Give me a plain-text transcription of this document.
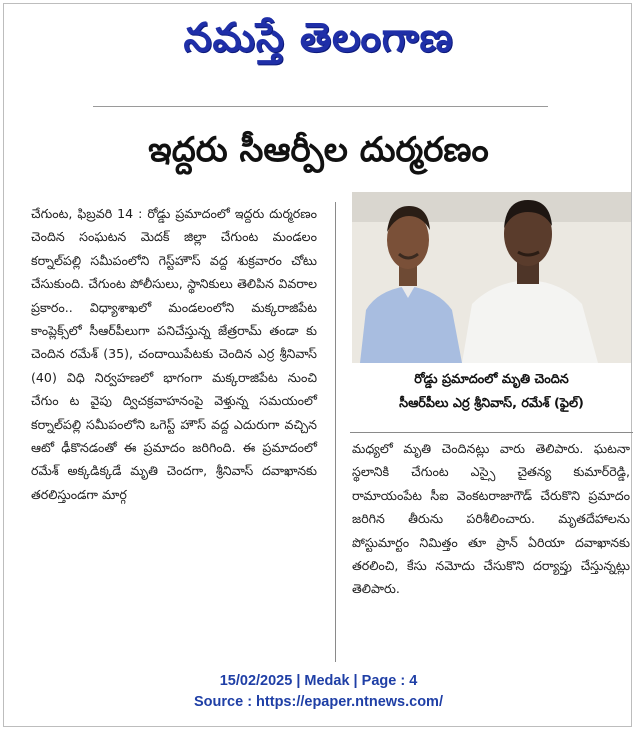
నమస్తే తెలంగాణ
ఇద్దరు సీఆర్పీల దుర్మరణం

చేగుంట, ఫిబ్రవరి 14 : రోడ్డు ప్రమాదంలో ఇద్దరు దుర్మరణం చెందిన సంఘటన మెదక్ జిల్లా చేగుంట మండలం కర్నాల్‌పల్లి సమీపంలోని గెస్ట్‌హౌస్ వద్ద శుక్రవారం చోటు చేసుకుంది. చేగుంట పోలీసులు, స్థానికులు తెలిపిన వివరాల ప్రకారం.. విధ్యాశాఖలో మండలంలోని మక్కరాజిపేట కాంప్లెక్స్‌లో సీఆర్‌పీలుగా పనిచేస్తున్న జేత్రరామ్ తండా కు చెందిన రమేశ్ (35), చందాయిపేటకు చెందిన ఎర్ర శ్రీనివాస్ (40) విధి నిర్వహణలో భాగంగా మక్కరాజిపేట నుంచి చేగుం ట వైపు ద్విచక్రవాహనంపై వెళ్తున్న సమయంలో కర్నాల్‌పల్లి సమీపంలోని ఒగెస్ట్ హౌస్ వద్ద ఎదురుగా వచ్చిన ఆటో ఢీకొనడంతో ఈ ప్రమాదం జరిగింది. ఈ ప్రమాదంలో రమేశ్ అక్కడిక్కడే మృతి చెందగా, శ్రీనివాస్ దవాఖానకు తరలిస్తుండగా మార్గ

రోడ్డు ప్రమాదంలో మృతి చెందిన
సీఆర్‌పీలు ఎర్ర శ్రీనివాస్, రమేశ్ (ఫైల్)

మధ్యలో మృతి చెందినట్లు వారు తెలిపారు. ఘటనా స్థలానికి చేగుంట ఎస్సై చైతన్య కుమార్‌రెడ్డి, రామాయంపేట సీఐ వెంకటరాజాగౌడ్ చేరుకొని ప్రమాదం జరిగిన తీరును పరిశీలించారు. మృతదేహాలను పోస్టుమార్టం నిమిత్తం తూ ప్రాన్ ఏరియా దవాఖానకు తరలించి, కేసు నమోదు చేసుకొని దర్యాప్తు చేస్తున్నట్లు తెలిపారు.

15/02/2025 | Medak | Page : 4
Source : https://epaper.ntnews.com/
